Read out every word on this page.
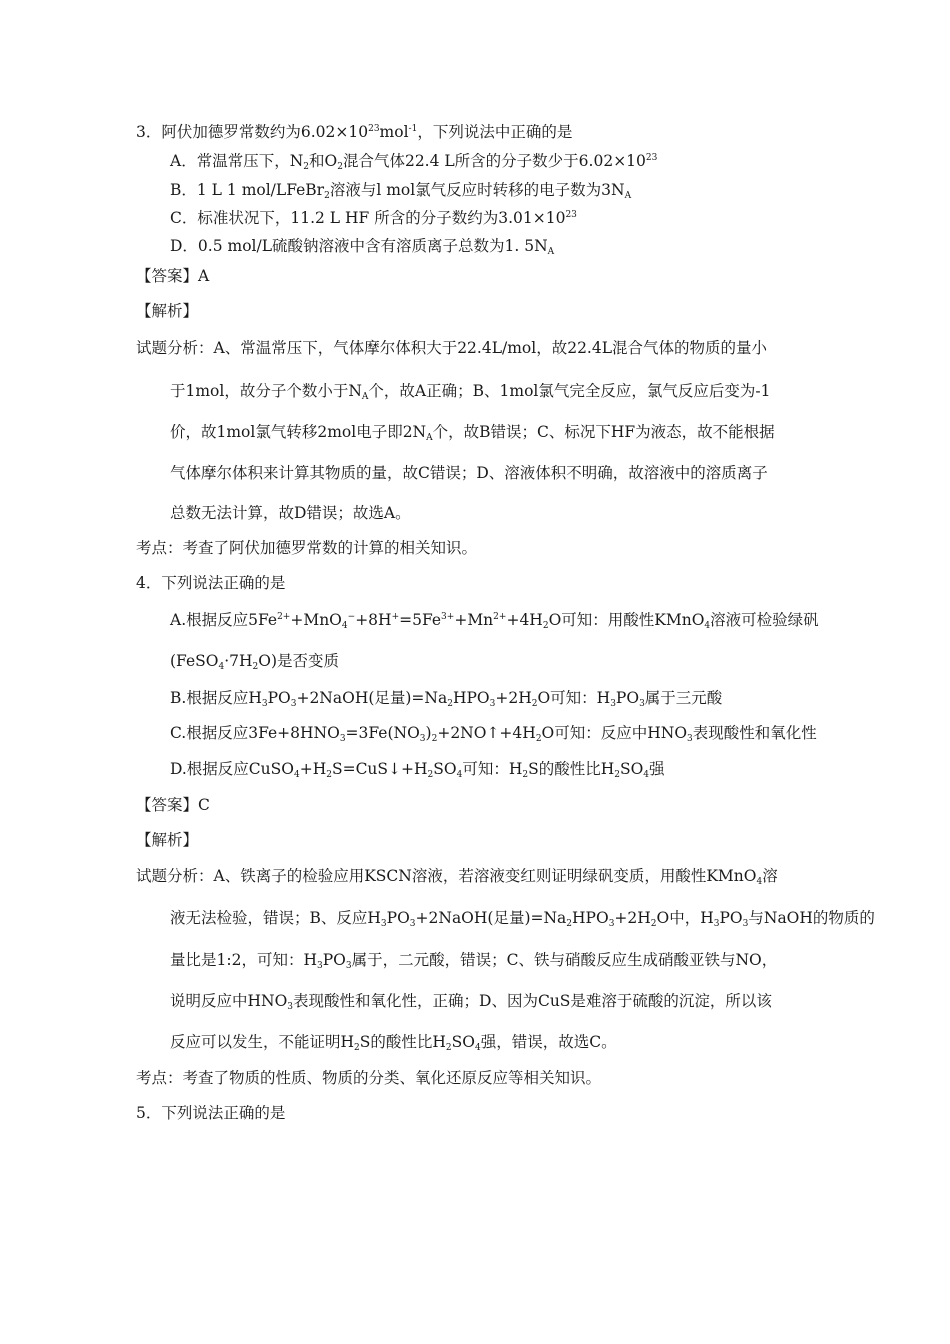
3．阿伏加德罗常数约为$6.02\times 10^{23}mol^{-1}$，下列说法中正确的是
A．常温常压下，$N_2$和$O_2$混合气体22.4 L所含的分子数少于$6.02\times 10^{23}$
B．1 L 1 mol/LFeBr$_2$溶液与l mol氯气反应时转移的电子数为$3N_A$
C．标准状况下，11.2 L HF 所含的分子数约为$3.01\times 10^{23}$
D．0.5 mol/L硫酸钠溶液中含有溶质离子总数为1. $5N_A$
【答案】A
【解析】
试题分析：A、常温常压下，气体摩尔体积大于22.4L/mol，故22.4L混合气体的物质的量小
于1mol，故分子个数小于$N_A$个，故A正确；B、1mol氯气完全反应，氯气反应后变为-1
价，故1mol氯气转移2mol电子即$2N_A$个，故B错误；C、标况下HF为液态，故不能根据
气体摩尔体积来计算其物质的量，故C错误；D、溶液体积不明确，故溶液中的溶质离子
总数无法计算，故D错误；故选A。
考点：考查了阿伏加德罗常数的计算的相关知识。
4．下列说法正确的是
A.根据反应$5Fe^{2+}+MnO_4^-+8H^+=5Fe^{3+}+Mn^{2+}+4H_2O$可知：用酸性KMnO$_4$溶液可检验绿矾
$(FeSO_4\cdot 7H_2O)$是否变质
B.根据反应$H_3PO_3+2NaOH$(足量)$=Na_2HPO_3+2H_2O$可知：$H_3PO_3$属于三元酸
C.根据反应$3Fe+8HNO_3=3Fe(NO_3)_2+2NO↑+4H_2O$可知：反应中$HNO_3$表现酸性和氧化性
D.根据反应$CuSO_4+H_2S=CuS↓+H_2SO_4$可知：$H_2S$的酸性比$H_2SO_4$强
【答案】C
【解析】
试题分析：A、铁离子的检验应用KSCN溶液，若溶液变红则证明绿矾变质，用酸性KMnO$_4$溶
液无法检验，错误；B、反应$H_3PO_3+2NaOH$(足量)$=Na_2HPO_3+2H_2O$中，$H_3PO_3$与NaOH的物质的
量比是1:2，可知：$H_3PO_3$属于，二元酸，错误；C、铁与硝酸反应生成硝酸亚铁与NO，
说明反应中$HNO_3$表现酸性和氧化性，正确；D、因为CuS是难溶于硫酸的沉淀，所以该
反应可以发生，不能证明$H_2S$的酸性比$H_2SO_4$强，错误，故选C。
考点：考查了物质的性质、物质的分类、氧化还原反应等相关知识。
5．下列说法正确的是
